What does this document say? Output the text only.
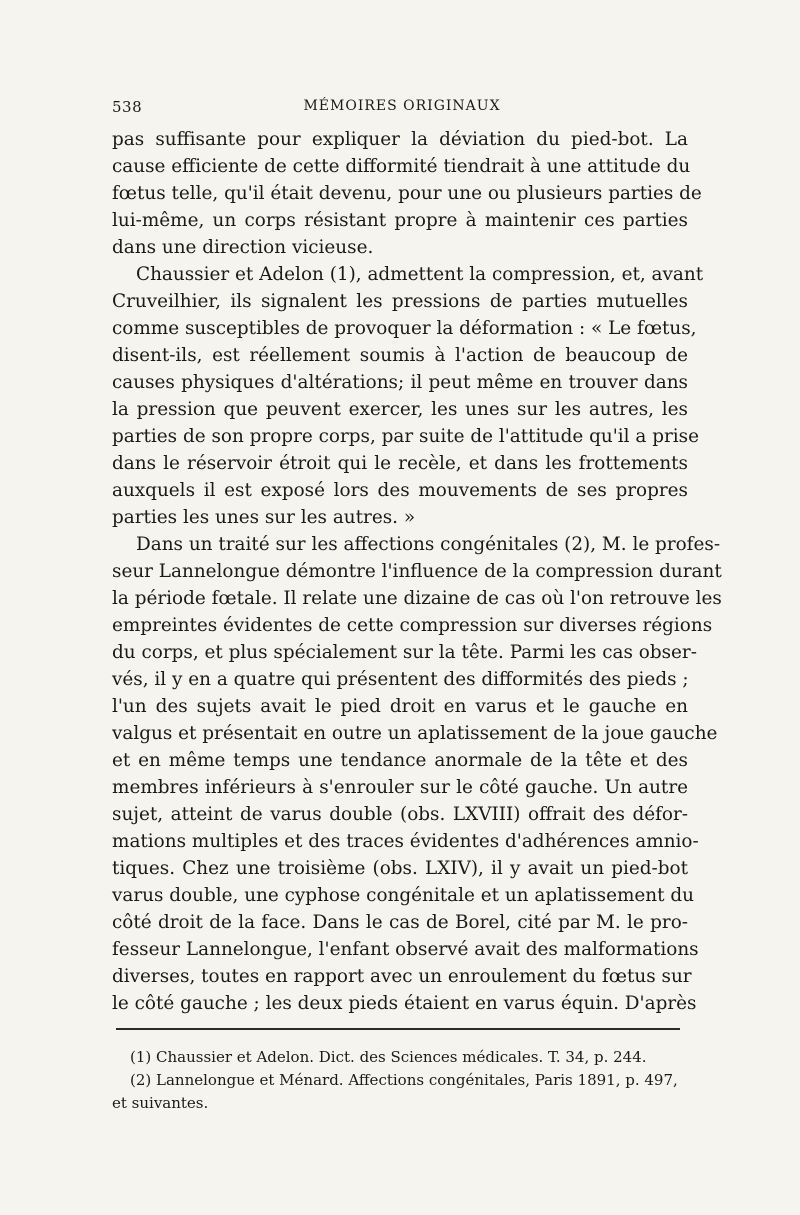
538	MÉMOIRES ORIGINAUX
pas suffisante pour expliquer la déviation du pied-bot. La
cause efficiente de cette difformité tiendrait à une attitude du
fœtus telle, qu'il était devenu, pour une ou plusieurs parties de
lui-même, un corps résistant propre à maintenir ces parties
dans une direction vicieuse.
Chaussier et Adelon (1), admettent la compression, et, avant
Cruveilhier, ils signalent les pressions de parties mutuelles
comme susceptibles de provoquer la déformation : « Le fœtus,
disent-ils, est réellement soumis à l'action de beaucoup de
causes physiques d'altérations; il peut même en trouver dans
la pression que peuvent exercer, les unes sur les autres, les
parties de son propre corps, par suite de l'attitude qu'il a prise
dans le réservoir étroit qui le recèle, et dans les frottements
auxquels il est exposé lors des mouvements de ses propres
parties les unes sur les autres. »
Dans un traité sur les affections congénitales (2), M. le profes-
seur Lannelongue démontre l'influence de la compression durant
la période fœtale. Il relate une dizaine de cas où l'on retrouve les
empreintes évidentes de cette compression sur diverses régions
du corps, et plus spécialement sur la tête. Parmi les cas obser-
vés, il y en a quatre qui présentent des difformités des pieds ;
l'un des sujets avait le pied droit en varus et le gauche en
valgus et présentait en outre un aplatissement de la joue gauche
et en même temps une tendance anormale de la tête et des
membres inférieurs à s'enrouler sur le côté gauche. Un autre
sujet, atteint de varus double (obs. LXVIII) offrait des défor-
mations multiples et des traces évidentes d'adhérences amnio-
tiques. Chez une troisième (obs. LXIV), il y avait un pied-bot
varus double, une cyphose congénitale et un aplatissement du
côté droit de la face. Dans le cas de Borel, cité par M. le pro-
fesseur Lannelongue, l'enfant observé avait des malformations
diverses, toutes en rapport avec un enroulement du fœtus sur
le côté gauche ; les deux pieds étaient en varus équin. D'après
(1) Chaussier et Adelon. Dict. des Sciences médicales. T. 34, p. 244.
(2) Lannelongue et Ménard. Affections congénitales, Paris 1891, p. 497,
et suivantes.
